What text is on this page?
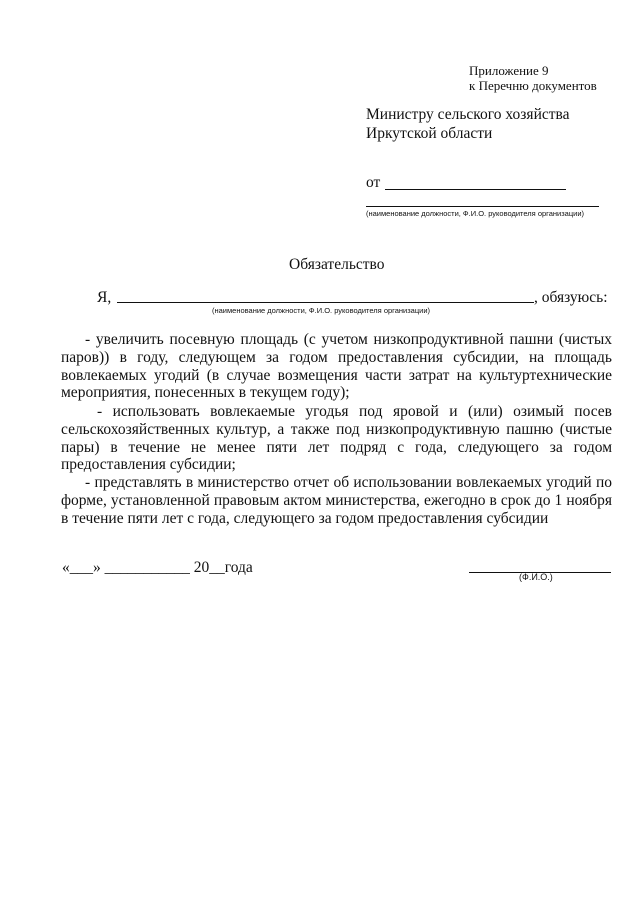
Приложение 9
к Перечню документов
Министру сельского хозяйства
Иркутской области
от
(наименование должности, Ф.И.О. руководителя организации)
Обязательство
Я,	, обязуюсь:
(наименование должности, Ф.И.О. руководителя организации)
- увеличить посевную площадь (с учетом низкопродуктивной пашни (чистых паров)) в году, следующем за годом предоставления субсидии, на площадь вовлекаемых угодий (в случае возмещения части затрат на культуртехнические мероприятия, понесенных в текущем году);
- использовать вовлекаемые угодья под яровой и (или) озимый посев сельскохозяйственных культур, а также под низкопродуктивную пашню (чистые пары) в течение не менее пяти лет подряд с года, следующего за годом предоставления субсидии;
- представлять в министерство отчет об использовании вовлекаемых угодий по форме, установленной правовым актом министерства, ежегодно в срок до 1 ноября в течение пяти лет с года, следующего за годом предоставления субсидии
«___» ___________ 20__года
(Ф.И.О.)
